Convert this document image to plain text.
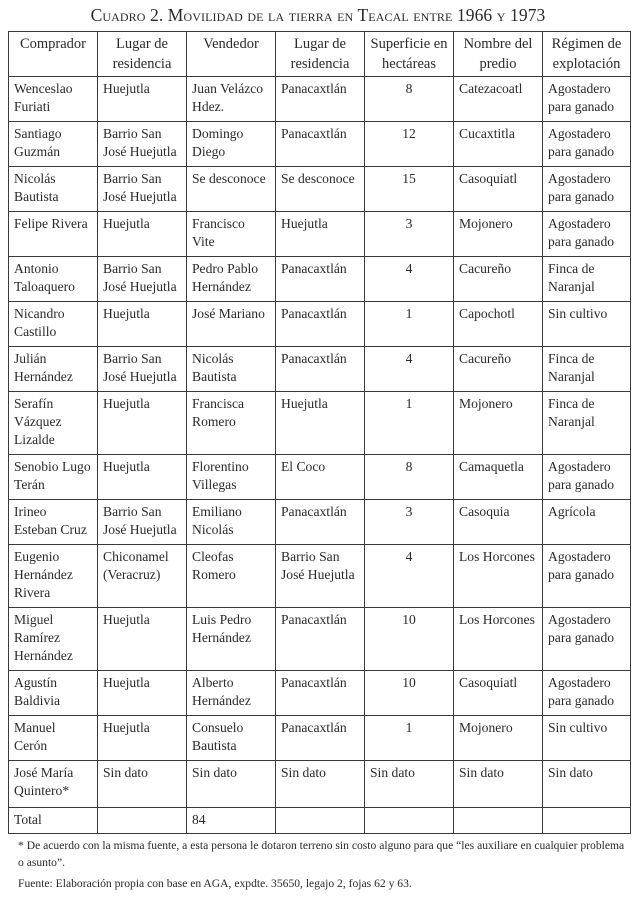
Cuadro 2. Movilidad de la tierra en Teacal entre 1966 y 1973
Comprador	Lugar de residencia	Vendedor	Lugar de residencia	Superficie en hectáreas	Nombre del predio	Régimen de explotación
Wenceslao Furiati	Huejutla	Juan Velázco Hdez.	Panacaxtlán	8	Catezacoatl	Agostadero para ganado
Santiago Guzmán	Barrio San José Huejutla	Domingo Diego	Panacaxtlán	12	Cucaxtitla	Agostadero para ganado
Nicolás Bautista	Barrio San José Huejutla	Se desconoce	Se desconoce	15	Casoquiatl	Agostadero para ganado
Felipe Rivera	Huejutla	Francisco Vite	Huejutla	3	Mojonero	Agostadero para ganado
Antonio Taloaquero	Barrio San José Huejutla	Pedro Pablo Hernández	Panacaxtlán	4	Cacureño	Finca de Naranjal
Nicandro Castillo	Huejutla	José Mariano	Panacaxtlán	1	Capochotl	Sin cultivo
Julián Hernández	Barrio San José Huejutla	Nicolás Bautista	Panacaxtlán	4	Cacureño	Finca de Naranjal
Serafín Vázquez Lizalde	Huejutla	Francisca Romero	Huejutla	1	Mojonero	Finca de Naranjal
Senobio Lugo Terán	Huejutla	Florentino Villegas	El Coco	8	Camaquetla	Agostadero para ganado
Irineo Esteban Cruz	Barrio San José Huejutla	Emiliano Nicolás	Panacaxtlán	3	Casoquia	Agrícola
Eugenio Hernández Rivera	Chiconamel (Veracruz)	Cleofas Romero	Barrio San José Huejutla	4	Los Horcones	Agostadero para ganado
Miguel Ramírez Hernández	Huejutla	Luis Pedro Hernández	Panacaxtlán	10	Los Horcones	Agostadero para ganado
Agustín Baldivia	Huejutla	Alberto Hernández	Panacaxtlán	10	Casoquiatl	Agostadero para ganado
Manuel Cerón	Huejutla	Consuelo Bautista	Panacaxtlán	1	Mojonero	Sin cultivo
José María Quintero*	Sin dato	Sin dato	Sin dato	Sin dato	Sin dato	Sin dato
Total		84				
* De acuerdo con la misma fuente, a esta persona le dotaron terreno sin costo alguno para que “les auxiliare en cualquier problema o asunto”.
Fuente: Elaboración propia con base en AGA, expdte. 35650, legajo 2, fojas 62 y 63.
